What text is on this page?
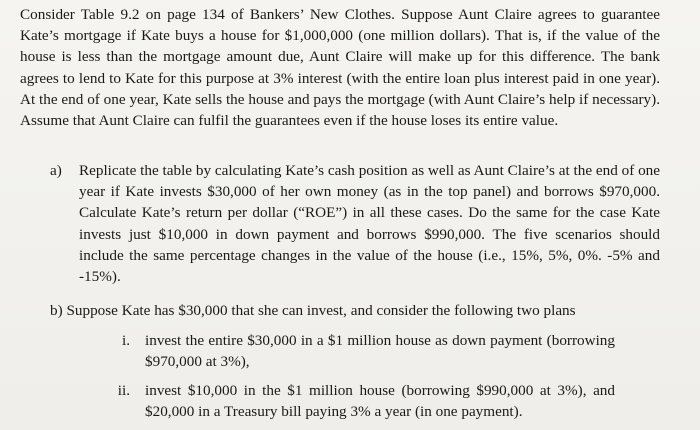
Consider Table 9.2 on page 134 of Bankers’ New Clothes. Suppose Aunt Claire agrees to guarantee Kate’s mortgage if Kate buys a house for $1,000,000 (one million dollars). That is, if the value of the house is less than the mortgage amount due, Aunt Claire will make up for this difference. The bank agrees to lend to Kate for this purpose at 3% interest (with the entire loan plus interest paid in one year). At the end of one year, Kate sells the house and pays the mortgage (with Aunt Claire’s help if necessary). Assume that Aunt Claire can fulfil the guarantees even if the house loses its entire value.
a) Replicate the table by calculating Kate’s cash position as well as Aunt Claire’s at the end of one year if Kate invests $30,000 of her own money (as in the top panel) and borrows $970,000. Calculate Kate’s return per dollar (“ROE”) in all these cases. Do the same for the case Kate invests just $10,000 in down payment and borrows $990,000. The five scenarios should include the same percentage changes in the value of the house (i.e., 15%, 5%, 0%. -5% and -15%).
b) Suppose Kate has $30,000 that she can invest, and consider the following two plans
i. invest the entire $30,000 in a $1 million house as down payment (borrowing $970,000 at 3%),
ii. invest $10,000 in the $1 million house (borrowing $990,000 at 3%), and $20,000 in a Treasury bill paying 3% a year (in one payment).
